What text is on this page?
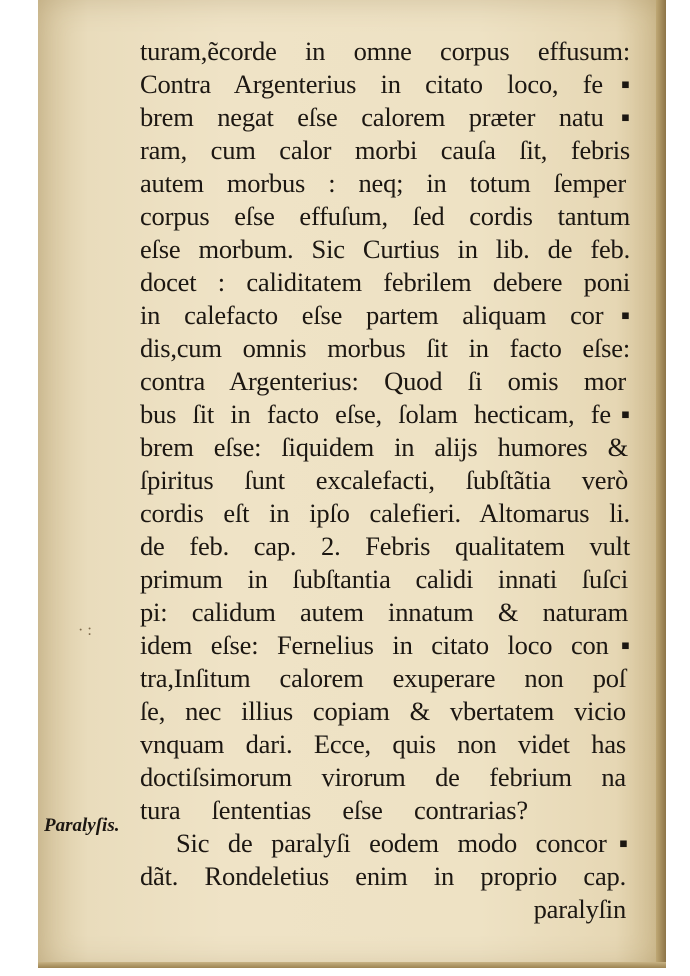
· :
Paralyſis.
turam,ẽcorde in omne corpus effusum:
Contra Argenterius in citato loco, fe▪
brem negat eſse calorem præter natu▪
ram, cum calor morbi cauſa ſit, febris
autem morbus : neq; in totum ſemper
corpus eſse effuſum, ſed cordis tantum
eſse morbum. Sic Curtius in lib. de feb.
docet : caliditatem febrilem debere poni
in calefacto eſse partem aliquam cor▪
dis,cum omnis morbus ſit in facto eſse:
contra Argenterius: Quod ſi omis mor
bus ſit in facto eſse, ſolam hecticam, fe▪
brem eſse: ſiquidem in alijs humores &
ſpiritus ſunt excalefacti, ſubſtãtia verò
cordis eſt in ipſo calefieri. Altomarus li.
de feb. cap. 2. Febris qualitatem vult
primum in ſubſtantia calidi innati ſuſci
pi: calidum autem innatum & naturam
idem eſse: Fernelius in citato loco con▪
tra,Inſitum calorem exuperare non poſ
ſe, nec illius copiam & vbertatem vicio
vnquam dari. Ecce, quis non videt has
doctiſsimorum virorum de febrium na
tura ſententias eſse contrarias?
Sic de paralyſi eodem modo concor▪
dãt. Rondeletius enim in proprio cap.
paralyſin
